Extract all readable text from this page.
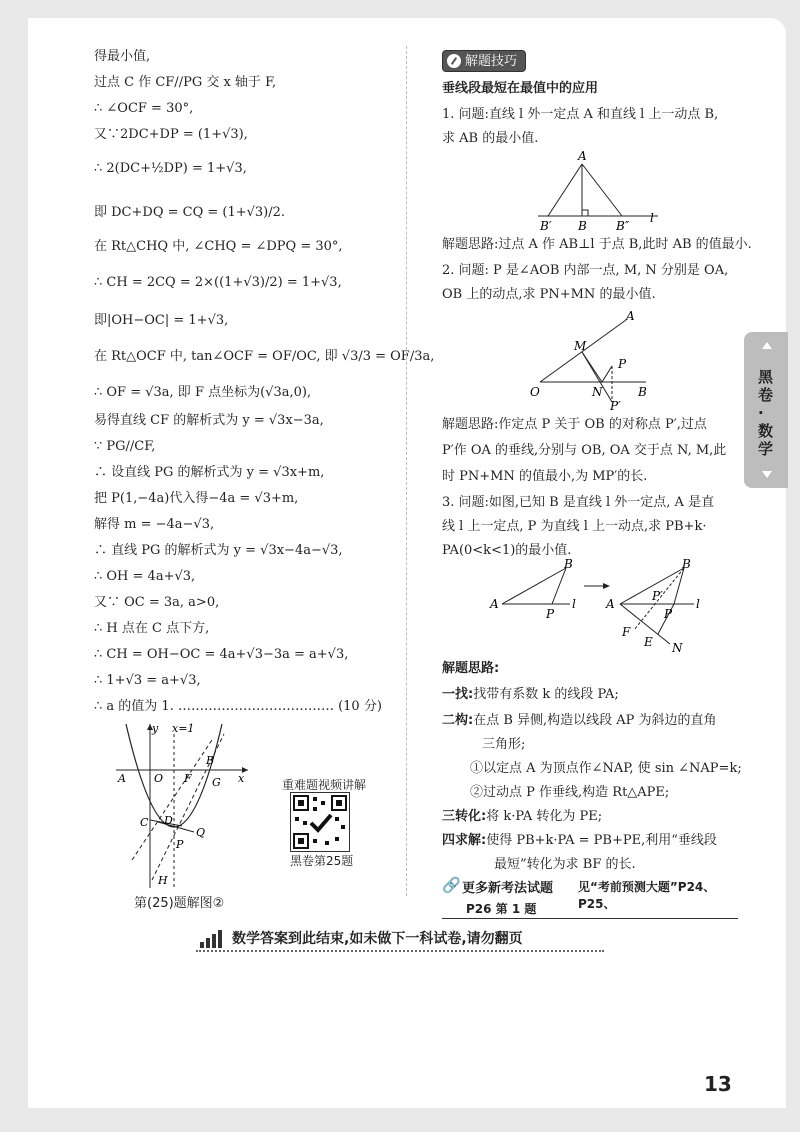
得最小值,
过点 C 作 CF//PG 交 x 轴于 F,
∴ ∠OCF = 30°,
又∵2DC+DP = (1+√3),
∴ 2(DC+½DP) = 1+√3,
即 DC+DQ = CQ = (1+√3)/2.
在 Rt△CHQ 中, ∠CHQ = ∠DPQ = 30°,
∴ CH = 2CQ = 2×((1+√3)/2) = 1+√3,
即|OH−OC| = 1+√3,
在 Rt△OCF 中, tan∠OCF = OF/OC, 即 √3/3 = OF/3a,
∴ OF = √3a, 即 F 点坐标为(√3a,0),
易得直线 CF 的解析式为 y = √3x−3a,
∵ PG//CF,
∴ 设直线 PG 的解析式为 y = √3x+m,
把 P(1,−4a)代入得−4a = √3+m,
解得 m = −4a−√3,
∴ 直线 PG 的解析式为 y = √3x−4a−√3,
∴ OH = 4a+√3,
又∵ OC = 3a, a>0,
∴ H 点在 C 点下方,
∴ CH = OH−OC = 4a+√3−3a = a+√3,
∴ 1+√3 = a+√3,
∴ a 的值为 1. ……………………………… (10 分)
y x=1
A	O F
B
x
G
C D
Q
P
H
第(25)题解图②
重难题视频讲解
黑卷第25题
解题技巧
垂线段最短在最值中的应用
1. 问题:直线 l 外一定点 A 和直线 l 上一动点 B,
求 AB 的最小值.
A
B′ B B″
l
解题思路:过点 A 作 AB⊥l 于点 B,此时 AB 的值最小.
2. 问题: P 是∠AOB 内部一点, M, N 分别是 OA,
OB 上的动点,求 PN+MN 的最小值.
A
M
P
O	N	B
P′
解题思路:作定点 P 关于 OB 的对称点 P′,过点
P′作 OA 的垂线,分别与 OB, OA 交于点 N, M,此
时 PN+MN 的值最小,为 MP′的长.
3. 问题:如图,已知 B 是直线 l 外一定点, A 是直
线 l 上一定点, P 为直线 l 上一动点,求 PB+k·
PA(0<k<1)的最小值.
B
A
P
l
B
A
P′
P
l
F
E N
解题思路:
一找:找带有系数 k 的线段 PA;
二构:在点 B 异侧,构造以线段 AP 为斜边的直角
三角形;
①以定点 A 为顶点作∠NAP, 使 sin ∠NAP=k;
②过动点 P 作垂线,构造 Rt△APE;
三转化:将 k·PA 转化为 PE;
四求解:使得 PB+k·PA = PB+PE,利用“垂线段
最短”转化为求 BF 的长.
🔗 更多新考法试题 见“考前预测大题”P24、P25、
P26 第 1 题
黑卷·数学
数学答案到此结束,如未做下一科试卷,请勿翻页
13
